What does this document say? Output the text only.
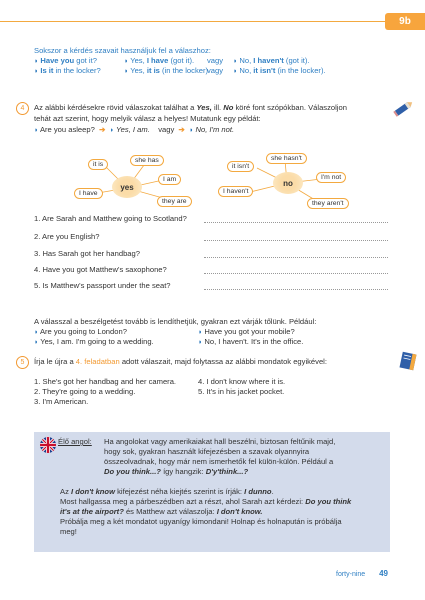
9b
Sokszor a kérdés szavait használjuk fel a válaszhoz:
◗ Have you got it?	◗ Yes, I have (got it). vagy ◗ No, I haven't (got it).
◗ Is it in the locker?	◗ Yes, it is (in the locker)
vagy ◗ No, it isn't (in the locker).
4	Az alábbi kérdésekre rövid válaszokat találhat a Yes, ill. No köré font szópókban. Válaszoljon
tehát azt szerint, hogy melyik válasz a helyes! Mutatunk egy példát:
◗ Are you asleep?  ➔  ◗ Yes, I am. vagy  ➔  ◗ No, I'm not.
yes
it is
she has
I am
they are
I have
no
it isn't
she hasn't
I'm not
they aren't
I haven't
1. Are Sarah and Matthew going to Scotland?
2. Are you English?
3. Has Sarah got her handbag?
4. Have you got Matthew's saxophone?
5. Is Matthew's passport under the seat?
A válasszal a beszélgetést tovább is lendíthetjük, gyakran ezt várják tőlünk. Például:
◗ Are you going to London?	◗ Have you got your mobile?
◗ Yes, I am. I'm going to a wedding.	◗ No, I haven't. It's in the office.
5	Írja le újra a 4. feladatban adott válaszait, majd folytassa az alábbi mondatok egyikével:
1. She's got her handbag and her camera.
2. They're going to a wedding.
3. I'm American.
4. I don't know where it is.
5. It's in his jacket pocket.
Élő angol: Ha angolokat vagy amerikaiakat hall beszélni, biztosan feltűnik majd,
hogy sok, gyakran használt kifejezésben a szavak olyannyira
összeolvadnak, hogy már nem ismerhetők fel külön-külön. Például a
Do you think...? így hangzik: D'y'think...?
Az I don't know kifejezést néha kiejtés szerint is írják: I dunno.
Most hallgassa meg a párbeszédben azt a részt, ahol Sarah azt kérdezi: Do you think
it's at the airport? és Matthew azt válaszolja: I don't know.
Próbálja meg a két mondatot ugyanígy kimondani! Holnap és holnapután is próbálja
meg!
forty-nine 49
